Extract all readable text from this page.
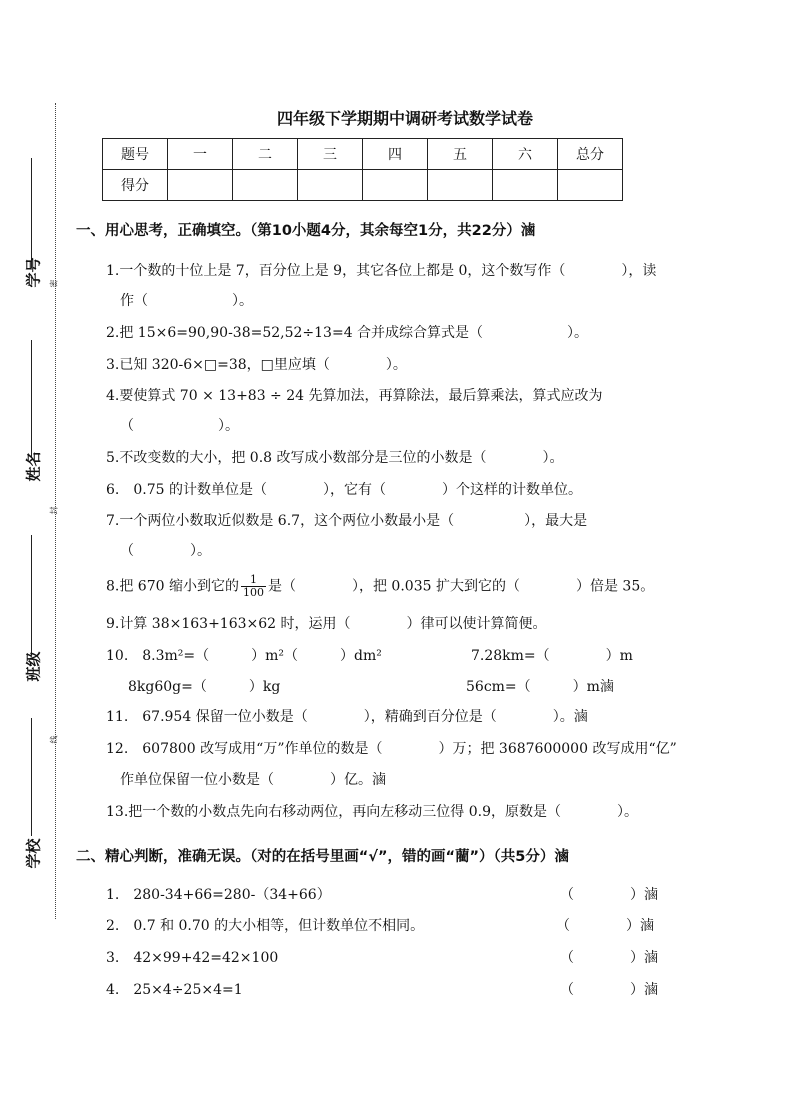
学号
姓名
班级
学校
密
封
线
四年级下学期期中调研考试数学试卷
题号	一	二	三	四	五	六	总分
得分							
一、用心思考，正确填空。（第10小题4分，其余每空1分，共22分）滷
1.一个数的十位上是 7，百分位上是 9，其它各位上都是 0，这个数写作（　　　　），读
作（　　　　　　）。
2.把 15×6=90,90-38=52,52÷13=4 合并成综合算式是（　　　　　　）。
3.已知 320-6×□=38，□里应填（　　　　）。
4.要使算式 70 × 13+83 ÷ 24 先算加法，再算除法，最后算乘法，算式应改为
（　　　　　　）。
5.不改变数的大小，把 0.8 改写成小数部分是三位的小数是（　　　　）。
6.　0.75 的计数单位是（　　　　），它有（　　　　）个这样的计数单位。
7.一个两位小数取近似数是 6.7，这个两位小数最小是（　　　　　），最大是
（　　　　）。
8.把 670 缩小到它的 $\frac{1}{100}$ 是（　　　　），把 0.035 扩大到它的（　　　　）倍是 35。
9.计算 38×163+163×62 时，运用（　　　　）律可以使计算简便。
10.　8.3m²=（　　　）m²（　　　）dm²	7.28km=（　　　　）m
8kg60g=（　　　）kg	56cm=（　　　）m滷
11.　67.954 保留一位小数是（　　　　），精确到百分位是（　　　　）。滷
12.　607800 改写成用“万”作单位的数是（　　　　）万；把 3687600000 改写成用“亿”
作单位保留一位小数是（　　　　）亿。滷
13.把一个数的小数点先向右移动两位，再向左移动三位得 0.9，原数是（　　　　）。
二、精心判断，准确无误。（对的在括号里画“√”，错的画“藺”）（共5分）滷
1.　280-34+66=280-（34+66）	（　　　　）滷
2.　0.7 和 0.70 的大小相等，但计数单位不相同。	（　　　　）滷
3.　42×99+42=42×100	（　　　　）滷
4.　25×4÷25×4=1	（　　　　）滷
